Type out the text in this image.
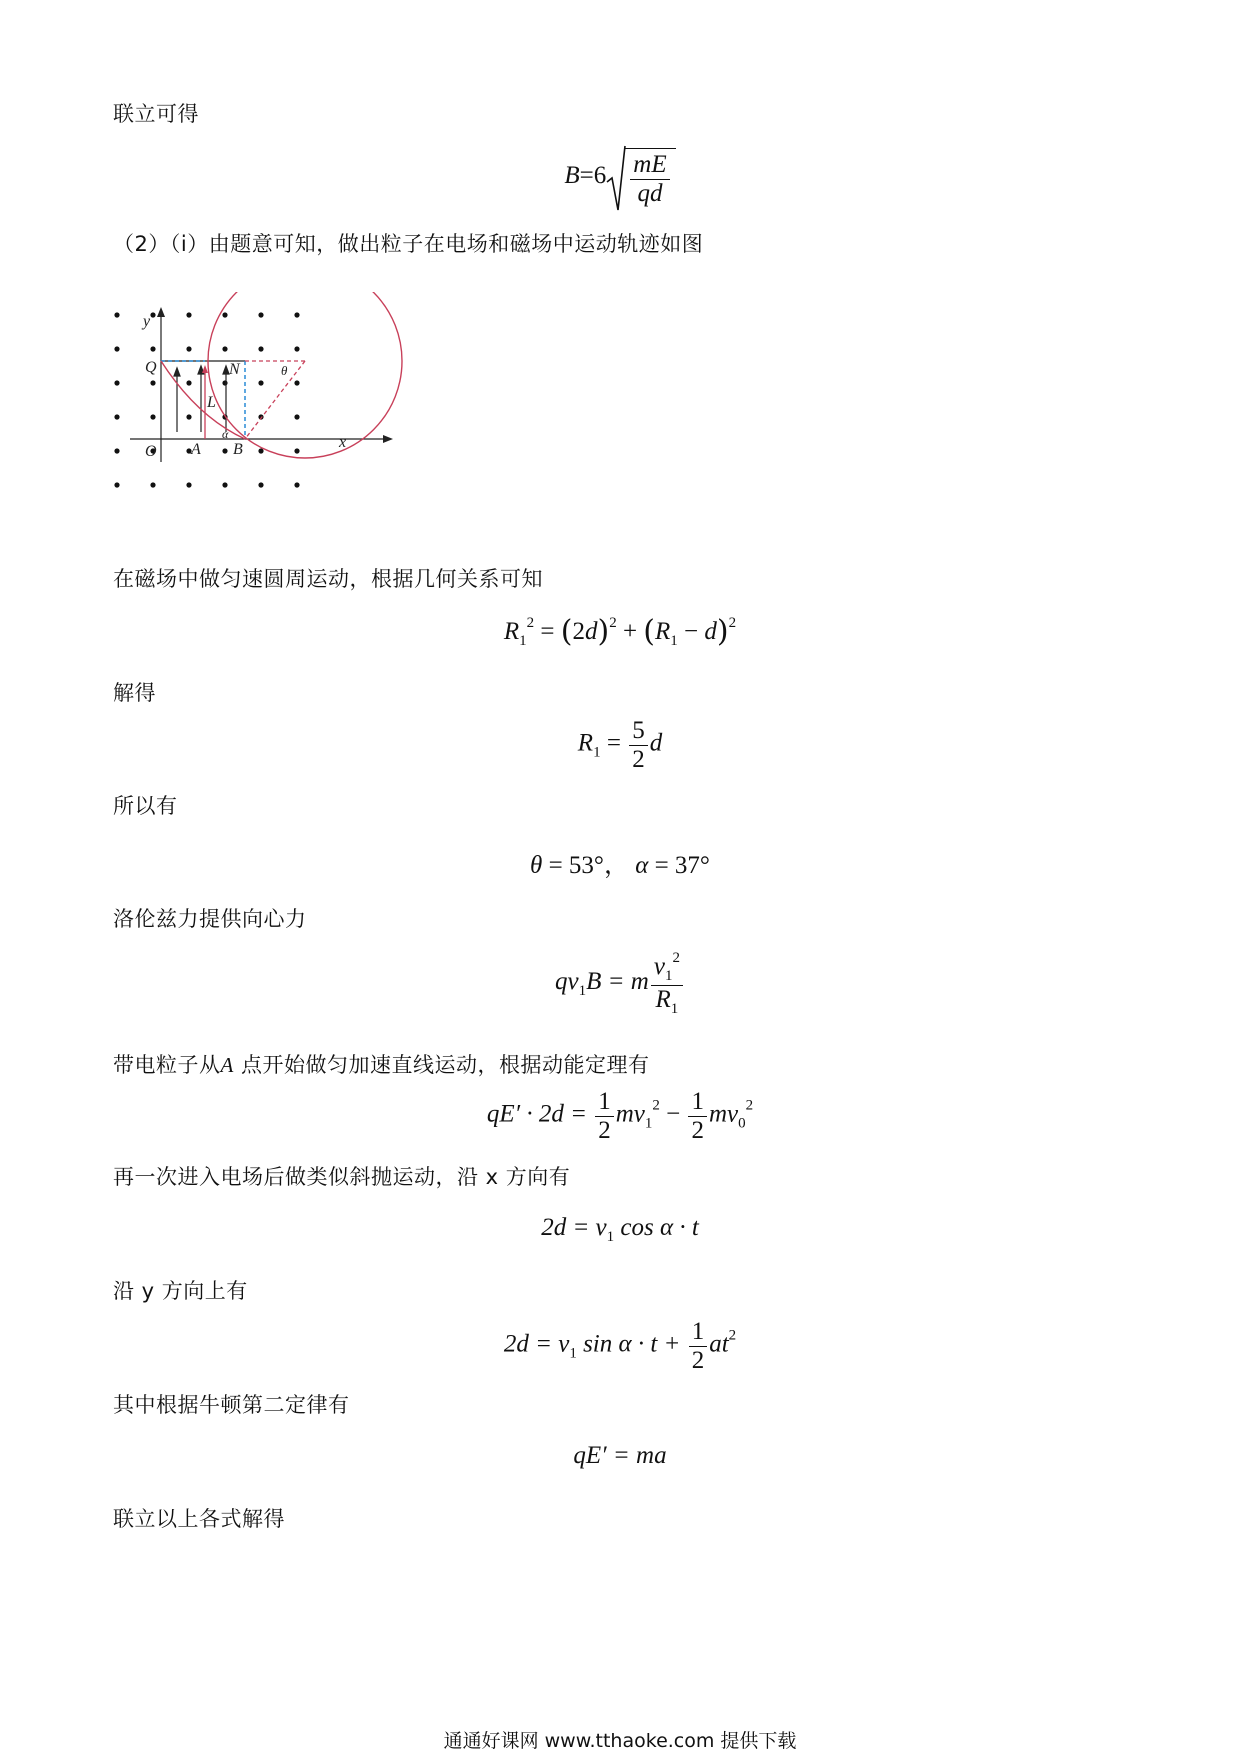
联立可得
$B=6 \frac{mE}{qd}$
（2）（i）由题意可知，做出粒子在电场和磁场中运动轨迹如图
y
x
Q	N
O A B
L
θ
α
在磁场中做匀速圆周运动，根据几何关系可知
$R_1^2 = (2d)^2 + (R_1 - d)^2$
解得
$R_1 = \frac{5}{2}$ d
所以有
θ = 53°， α = 37°
洛伦兹力提供向心力
$qv_1B = m \frac{v_1^2}{R_1}$
带电粒子从A 点开始做匀加速直线运动，根据动能定理有
$qE' \cdot 2d = \frac{1}{2} mv_1^2 - \frac{1}{2} mv_0^2$
再一次进入电场后做类似斜抛运动，沿 x 方向有
$2d = v_1$ cos α · t
沿 y 方向上有
$2d = v_1$ $\sin \alpha \cdot t + \frac{1}{2} at^2$
其中根据牛顿第二定律有
qE′ = ma
联立以上各式解得
通通好课网 www.tthaoke.com 提供下载
